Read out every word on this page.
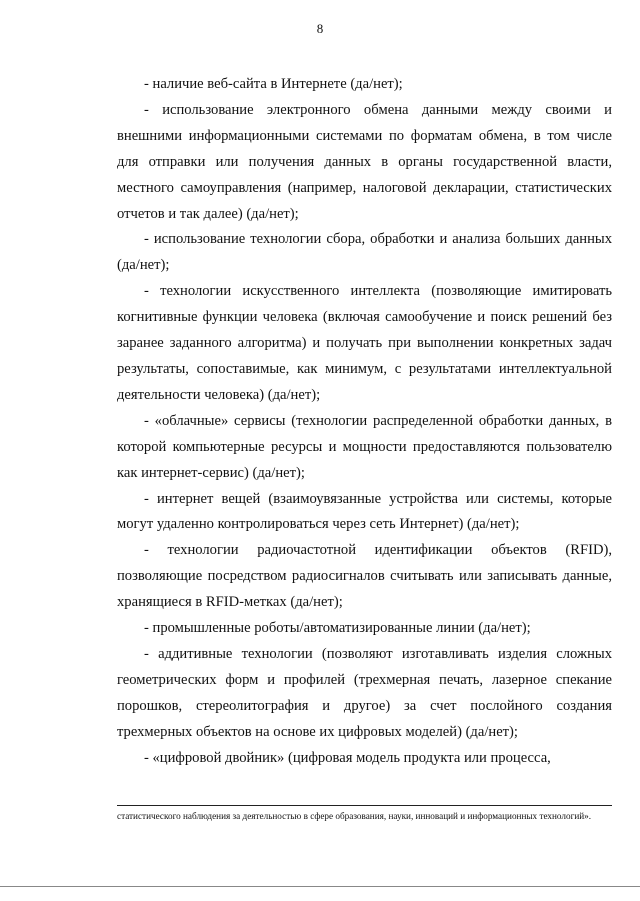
8

- наличие веб-сайта в Интернете (да/нет);

- использование электронного обмена данными между своими и внешними информационными системами по форматам обмена, в том числе для отправки или получения данных в органы государственной власти, местного самоуправления (например, налоговой декларации, статистических отчетов и так далее) (да/нет);

- использование технологии сбора, обработки и анализа больших данных (да/нет);

- технологии искусственного интеллекта (позволяющие имитировать когнитивные функции человека (включая самообучение и поиск решений без заранее заданного алгоритма) и получать при выполнении конкретных задач результаты, сопоставимые, как минимум, с результатами интеллектуальной деятельности человека) (да/нет);

- «облачные» сервисы (технологии распределенной обработки данных, в которой компьютерные ресурсы и мощности предоставляются пользователю как интернет-сервис) (да/нет);

- интернет вещей (взаимоувязанные устройства или системы, которые могут удаленно контролироваться через сеть Интернет) (да/нет);

- технологии радиочастотной идентификации объектов (RFID), позволяющие посредством радиосигналов считывать или записывать данные, хранящиеся в RFID-метках (да/нет);

- промышленные роботы/автоматизированные линии (да/нет);

- аддитивные технологии (позволяют изготавливать изделия сложных геометрических форм и профилей (трехмерная печать, лазерное спекание порошков, стереолитография и другое) за счет послойного создания трехмерных объектов на основе их цифровых моделей) (да/нет);

- «цифровой двойник» (цифровая модель продукта или процесса,

статистического наблюдения за деятельностью в сфере образования, науки, инноваций и информационных технологий».
